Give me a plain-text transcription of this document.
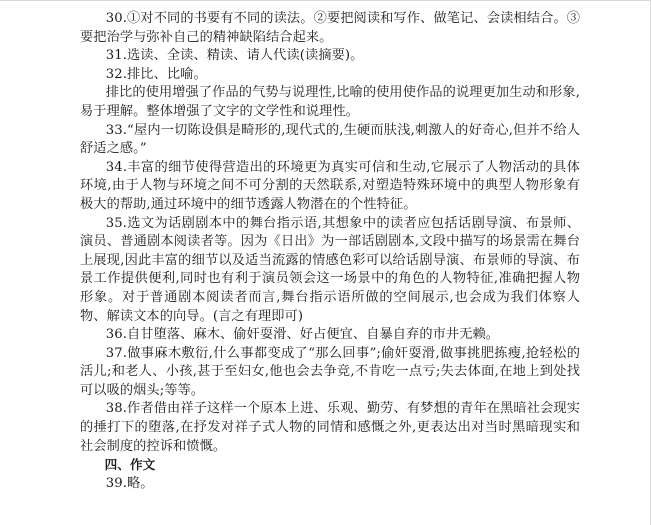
30.①对不同的书要有不同的读法。②要把阅读和写作、做笔记、会读相结合。③要把治学与弥补自己的精神缺陷结合起来。

31.选读、全读、精读、请人代读(读摘要)。

32.排比、比喻。

排比的使用增强了作品的气势与说理性,比喻的使用使作品的说理更加生动和形象,易于理解。整体增强了文字的文学性和说理性。

33.“屋内一切陈设俱是畸形的,现代式的,生硬而肤浅,刺激人的好奇心,但并不给人舒适之感。”

34.丰富的细节使得营造出的环境更为真实可信和生动,它展示了人物活动的具体环境,由于人物与环境之间不可分割的天然联系,对塑造特殊环境中的典型人物形象有极大的帮助,通过环境中的细节透露人物潜在的个性特征。

35.选文为话剧剧本中的舞台指示语,其想象中的读者应包括话剧导演、布景师、演员、普通剧本阅读者等。因为《日出》为一部话剧剧本,文段中描写的场景需在舞台上展现,因此丰富的细节以及适当流露的情感色彩可以给话剧导演、布景师的导演、布景工作提供便利,同时也有利于演员领会这一场景中的角色的人物特征,准确把握人物形象。对于普通剧本阅读者而言,舞台指示语所做的空间展示,也会成为我们体察人物、解读文本的向导。(言之有理即可)

36.自甘堕落、麻木、偷奸耍滑、好占便宜、自暴自弃的市井无赖。

37.做事麻木敷衍,什么事都变成了“那么回事”;偷奸耍滑,做事挑肥拣瘦,抢轻松的活儿;和老人、小孩,甚于至妇女,他也会去争竞,不肯吃一点亏;失去体面,在地上到处找可以吸的烟头;等等。

38.作者借由祥子这样一个原本上进、乐观、勤劳、有梦想的青年在黑暗社会现实的捶打下的堕落,在抒发对祥子式人物的同情和感慨之外,更表达出对当时黑暗现实和社会制度的控诉和愤慨。

四、作文

39.略。
